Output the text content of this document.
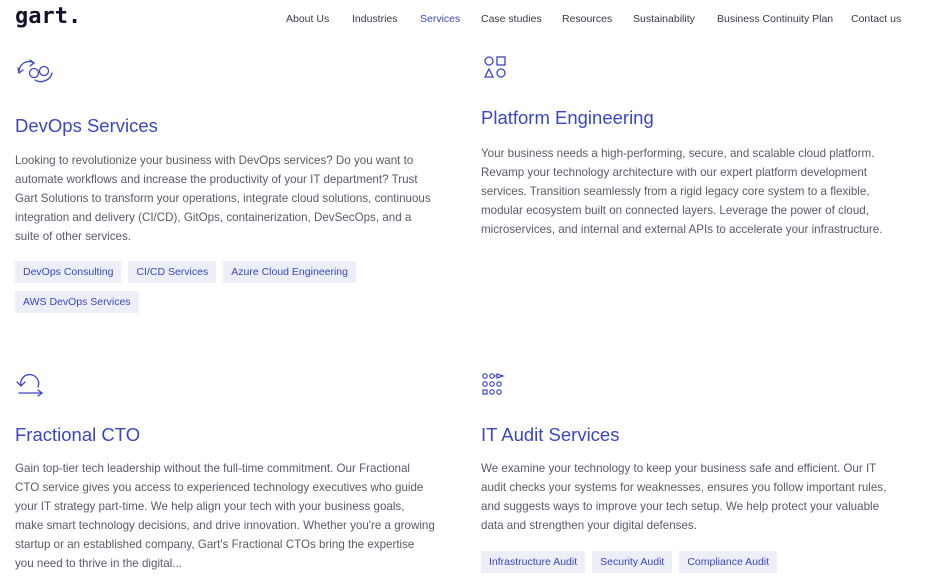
gart.	About Us Industries Services Case studies Resources Sustainability Business Continuity Plan Contact us
DevOps Services

Looking to revolutionize your business with DevOps services? Do you want to automate workflows and increase the productivity of your IT department? Trust Gart Solutions to transform your operations, integrate cloud solutions, continuous integration and delivery (CI/CD), GitOps, containerization, DevSecOps, and a suite of other services.

DevOps Consulting CI/CD Services Azure Cloud EngineeringAWS DevOps Services
Platform Engineering

Your business needs a high-performing, secure, and scalable cloud platform. Revamp your technology architecture with our expert platform development services. Transition seamlessly from a rigid legacy core system to a flexible, modular ecosystem built on connected layers. Leverage the power of cloud, microservices, and internal and external APIs to accelerate your infrastructure.

Fractional CTO

Gain top-tier tech leadership without the full-time commitment. Our Fractional CTO service gives you access to experienced technology executives who guide your IT strategy part-time. We help align your tech with your business goals, make smart technology decisions, and drive innovation. Whether you're a growing startup or an established company, Gart's Fractional CTOs bring the expertise you need to thrive in the digital...

IT Audit Services

We examine your technology to keep your business safe and efficient. Our IT audit checks your systems for weaknesses, ensures you follow important rules, and suggests ways to improve your tech setup. We help protect your valuable data and strengthen your digital defenses.

Infrastructure Audit Security Audit Compliance Audit
